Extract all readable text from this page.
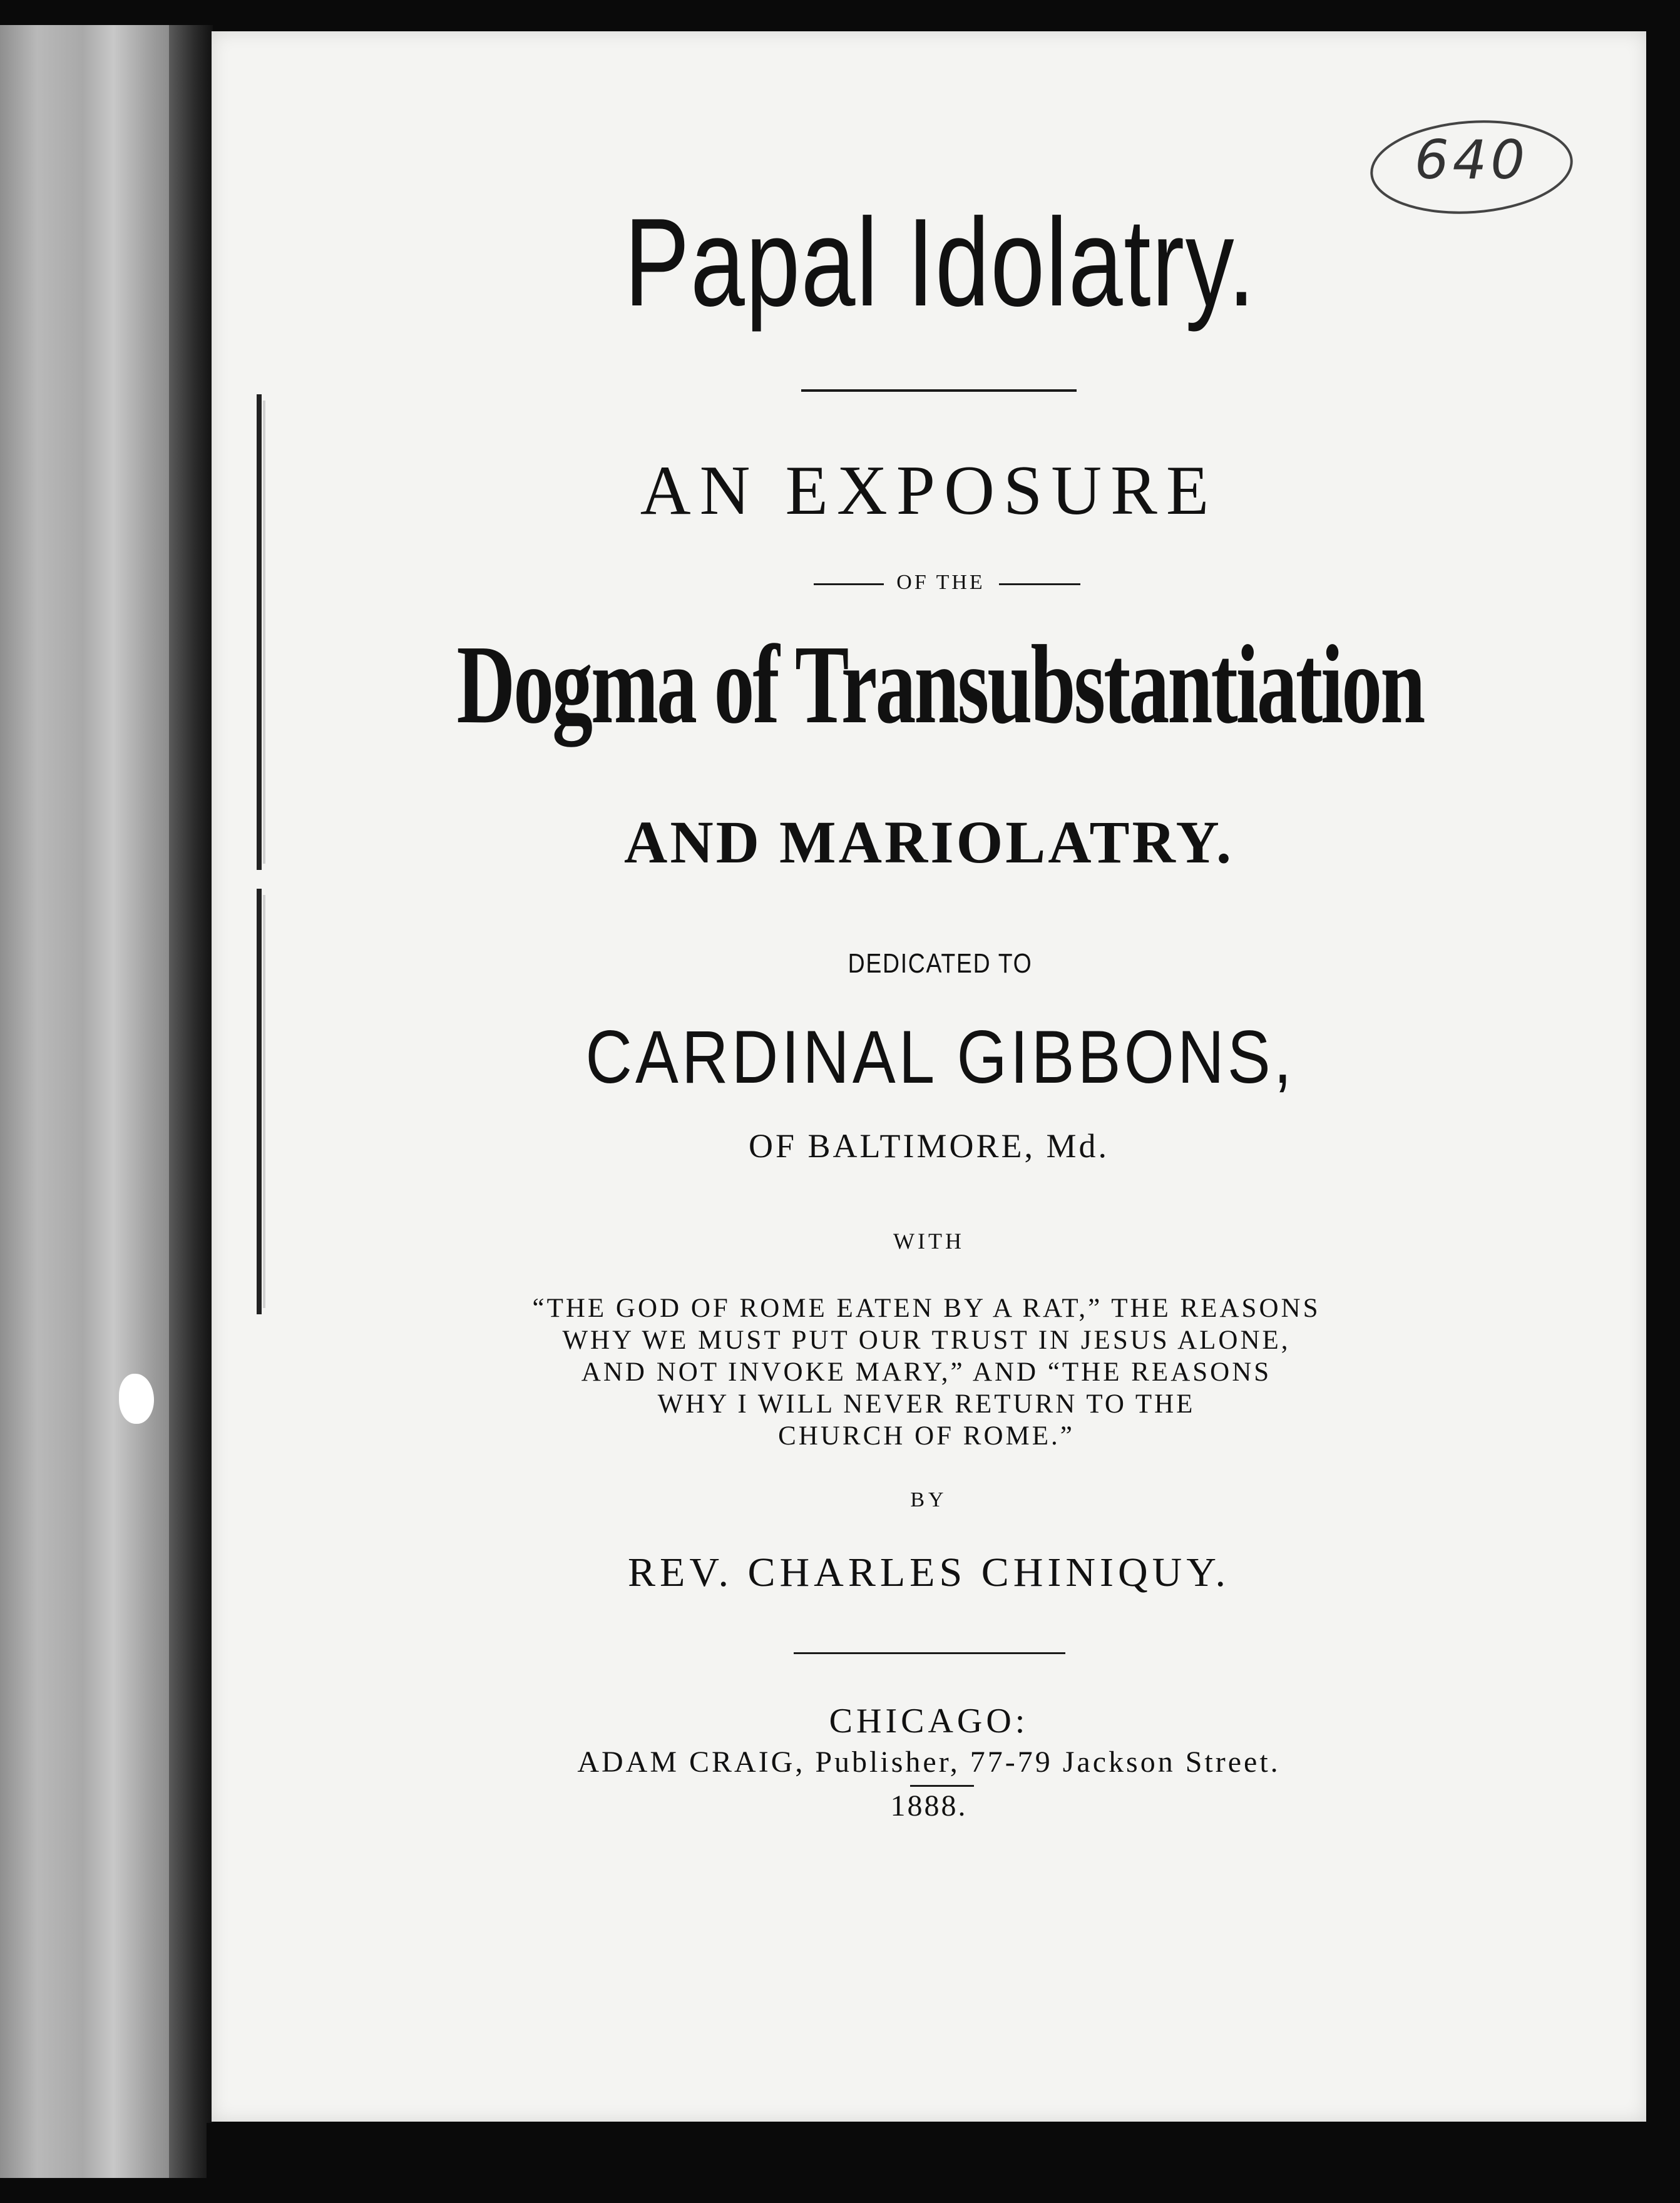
640
Papal Idolatry.
AN EXPOSURE
OF THE
Dogma of Transubstantiation
AND MARIOLATRY.
DEDICATED TO
CARDINAL GIBBONS,
OF BALTIMORE, Md.
WITH
“THE GOD OF ROME EATEN BY A RAT,” THE REASONS
WHY WE MUST PUT OUR TRUST IN JESUS ALONE,
AND NOT INVOKE MARY,” AND “THE REASONS
WHY I WILL NEVER RETURN TO THE
CHURCH OF ROME.”
BY
REV. CHARLES CHINIQUY.
CHICAGO:
ADAM CRAIG, Publisher, 77-79 Jackson Street.
1888.
